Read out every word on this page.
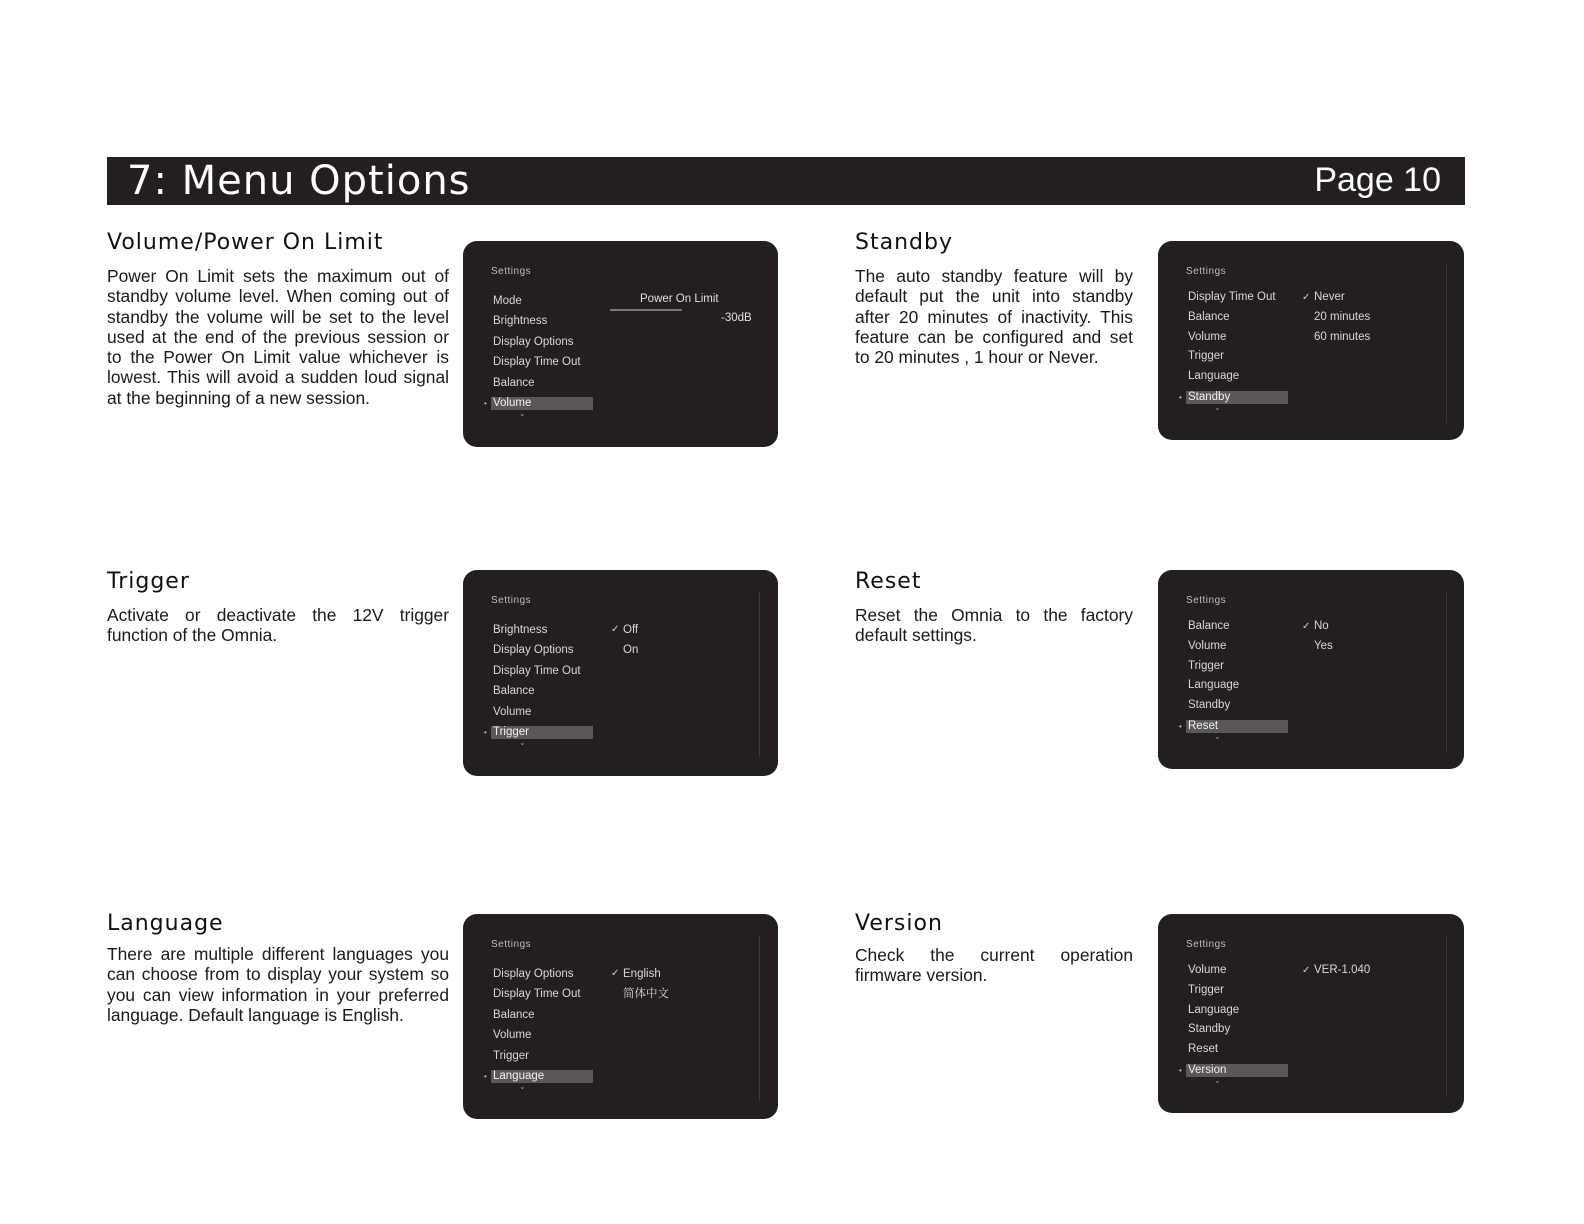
7: Menu Options	Page 10
Volume/Power On Limit
Power On Limit sets the maximum out of standby volume level. When coming out of standby the volume will be set to the level used at the end of the previous session or to the Power On Limit value whichever is lowest. This will avoid a sudden loud signal at the beginning of a new session.
Settings
Mode
Brightness
Display Options
Display Time Out
Balance
• Volume
⌄
Power On Limit
-30dB
Standby
The auto standby feature will by default put the unit into standby after 20 minutes of inactivity. This feature can be configured and set to 20 minutes , 1 hour or Never.
Settings
Display Time Out
Balance
Volume
Trigger
Language
• Standby
⌄
✓ Never
20 minutes
60 minutes
Trigger
Activate or deactivate the 12V trigger function of the Omnia.
Settings
Brightness
Display Options
Display Time Out
Balance
Volume
• Trigger
⌄
✓ Off
On
Reset
Reset the Omnia to the factory default settings.
Settings
Balance
Volume
Trigger
Language
Standby
• Reset
⌄
✓ No
Yes
Language
There are multiple different languages you can choose from to display your system so you can view information in your preferred language. Default language is English.
Settings
Display Options
Display Time Out
Balance
Volume
Trigger
• Language
⌄
✓ English
简体中文
Version
Check the current operation firmware version.
Settings
Volume
Trigger
Language
Standby
Reset
• Version
⌄
✓ VER-1.040
